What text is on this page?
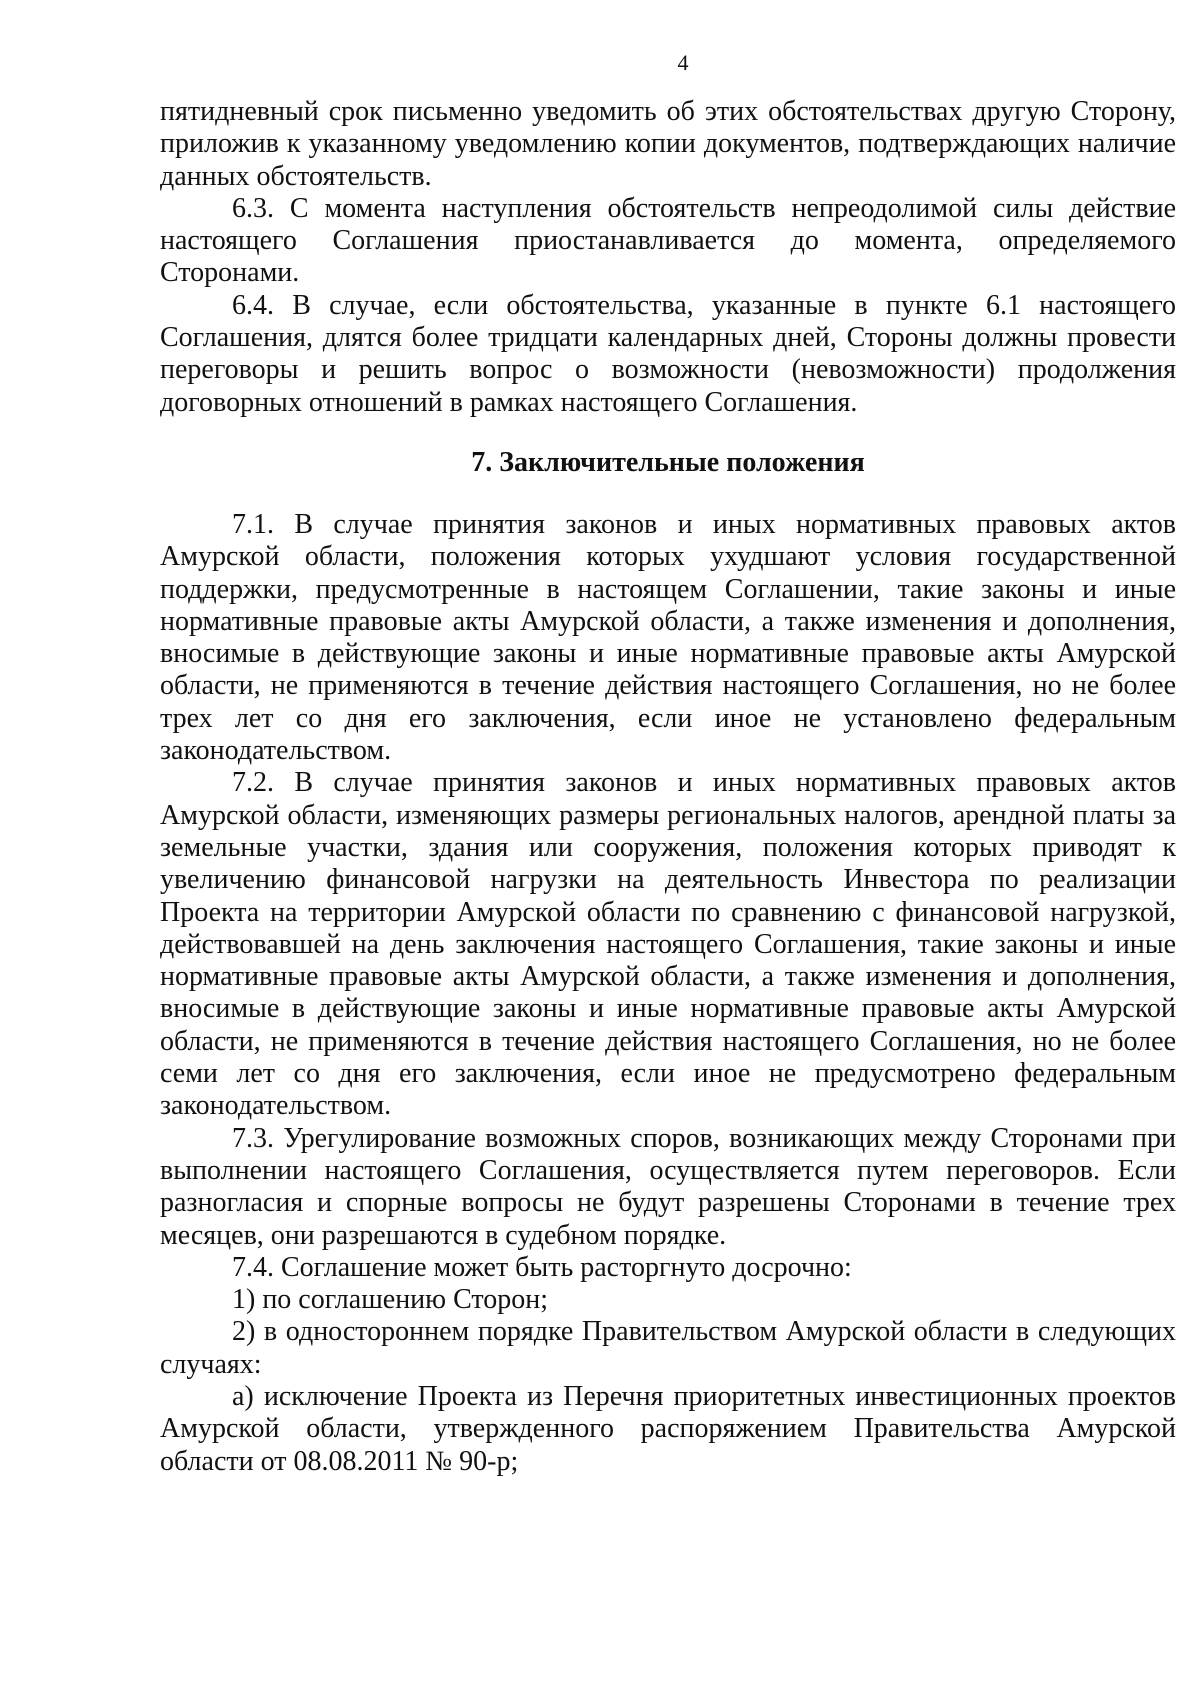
4

пятидневный срок письменно уведомить об этих обстоятельствах другую Сторону, приложив к указанному уведомлению копии документов, подтверждающих наличие данных обстоятельств.

6.3. С момента наступления обстоятельств непреодолимой силы действие настоящего Соглашения приостанавливается до момента, определяемого Сторонами.

6.4. В случае, если обстоятельства, указанные в пункте 6.1 настоящего Соглашения, длятся более тридцати календарных дней, Стороны должны провести переговоры и решить вопрос о возможности (невозможности) продолжения договорных отношений в рамках настоящего Соглашения.

7. Заключительные положения

7.1. В случае принятия законов и иных нормативных правовых актов Амурской области, положения которых ухудшают условия государственной поддержки, предусмотренные в настоящем Соглашении, такие законы и иные нормативные правовые акты Амурской области, а также изменения и дополнения, вносимые в действующие законы и иные нормативные правовые акты Амурской области, не применяются в течение действия настоящего Соглашения, но не более трех лет со дня его заключения, если иное не установлено федеральным законодательством.

7.2. В случае принятия законов и иных нормативных правовых актов Амурской области, изменяющих размеры региональных налогов, арендной платы за земельные участки, здания или сооружения, положения которых приводят к увеличению финансовой нагрузки на деятельность Инвестора по реализации Проекта на территории Амурской области по сравнению с финансовой нагрузкой, действовавшей на день заключения настоящего Соглашения, такие законы и иные нормативные правовые акты Амурской области, а также изменения и дополнения, вносимые в действующие законы и иные нормативные правовые акты Амурской области, не применяются в течение действия настоящего Соглашения, но не более семи лет со дня его заключения, если иное не предусмотрено федеральным законодательством.

7.3. Урегулирование возможных споров, возникающих между Сторонами при выполнении настоящего Соглашения, осуществляется путем переговоров. Если разногласия и спорные вопросы не будут разрешены Сторонами в течение трех месяцев, они разрешаются в судебном порядке.

7.4. Соглашение может быть расторгнуто досрочно:

1) по соглашению Сторон;

2) в одностороннем порядке Правительством Амурской области в следующих случаях:

а) исключение Проекта из Перечня приоритетных инвестиционных проектов Амурской области, утвержденного распоряжением Правительства Амурской области от 08.08.2011 № 90-р;
